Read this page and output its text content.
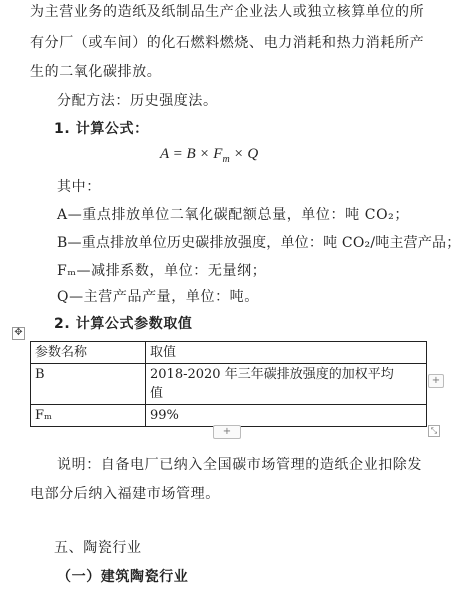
为主营业务的造纸及纸制品生产企业法人或独立核算单位的所
有分厂（或车间）的化石燃料燃烧、电力消耗和热力消耗所产
生的二氧化碳排放。
分配方法：历史强度法。
1. 计算公式：
$A = B \times F_m \times Q$
其中：
A—重点排放单位二氧化碳配额总量，单位：吨 CO₂；
B—重点排放单位历史碳排放强度，单位：吨 CO₂/吨主营产品；
Fₘ—减排系数，单位：无量纲；
Q—主营产品产量，单位：吨。
2. 计算公式参数取值
✥
参数名称	取值
B	2018-2020 年三年碳排放强度的加权平均
值

Fₘ	99%
+
+	⤡
说明：自备电厂已纳入全国碳市场管理的造纸企业扣除发
电部分后纳入福建市场管理。
五、陶瓷行业
（一）建筑陶瓷行业
